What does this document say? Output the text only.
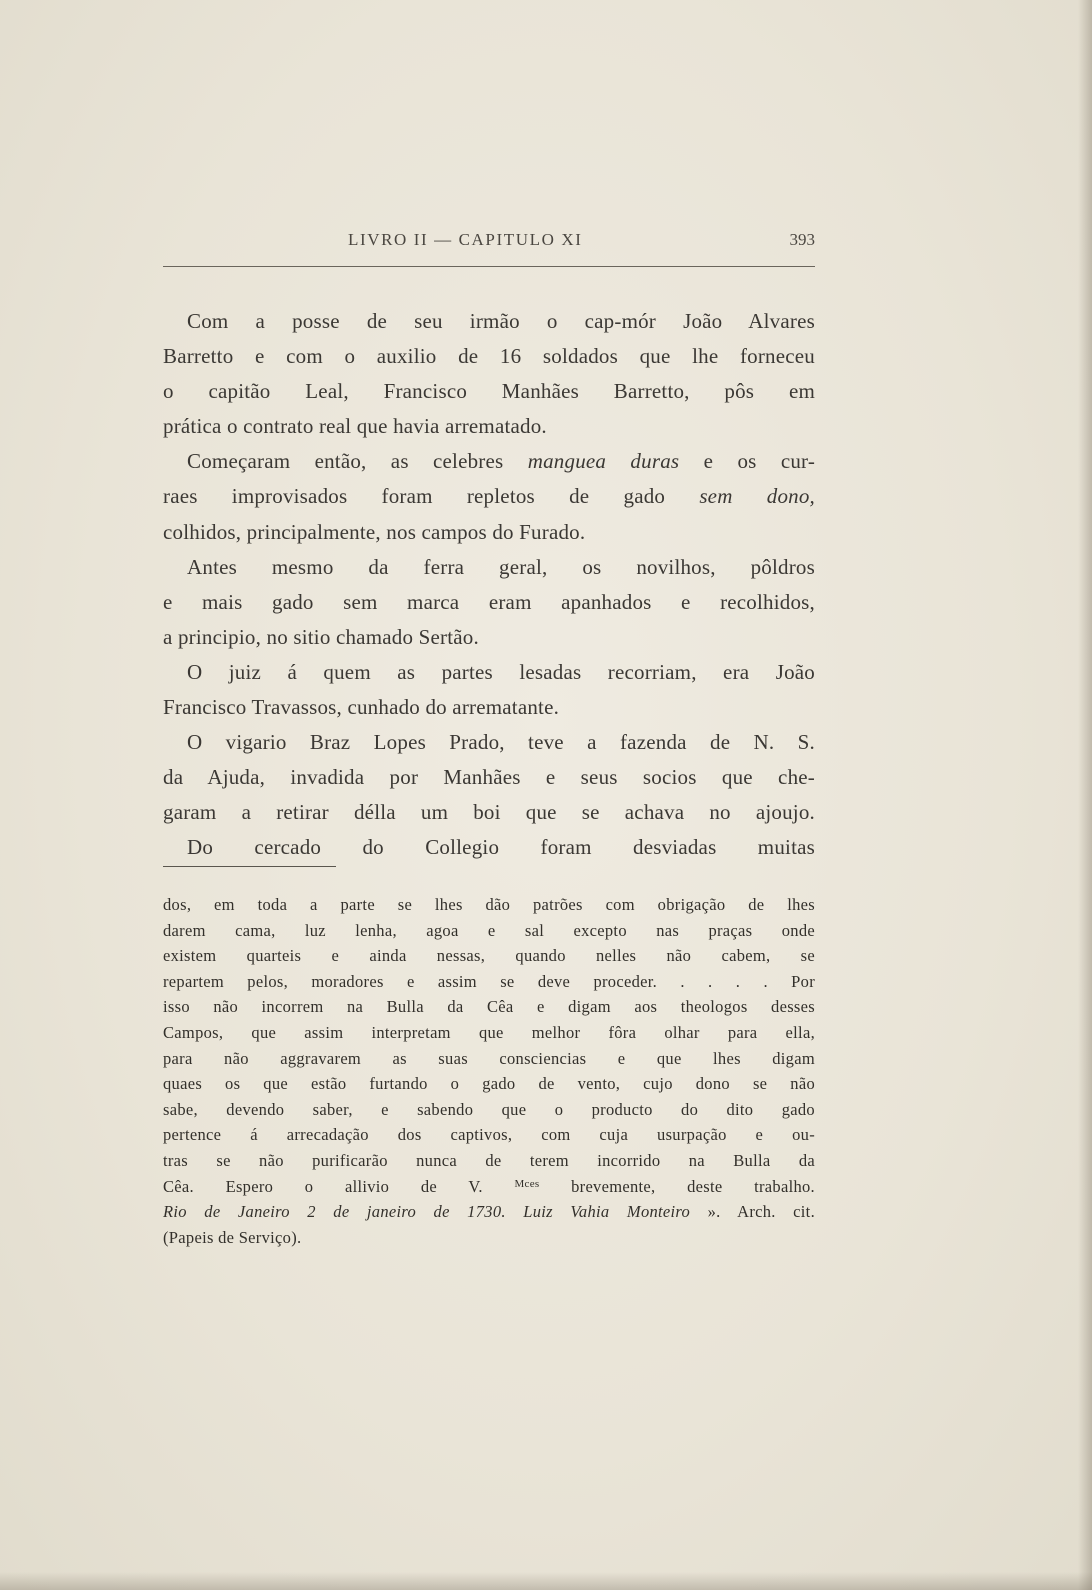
LIVRO II — CAPITULO XI	393
Com a posse de seu irmão o cap-mór João Alvares
Barretto e com o auxilio de 16 soldados que lhe forneceu
o capitão Leal, Francisco Manhães Barretto, pôs em
prática o contrato real que havia arrematado.
Começaram então, as celebres manguea duras e os cur-
raes improvisados foram repletos de gado sem dono,
colhidos, principalmente, nos campos do Furado.
Antes mesmo da ferra geral, os novilhos, pôldros
e mais gado sem marca eram apanhados e recolhidos,
a principio, no sitio chamado Sertão.
O juiz á quem as partes lesadas recorriam, era João
Francisco Travassos, cunhado do arrematante.
O vigario Braz Lopes Prado, teve a fazenda de N. S.
da Ajuda, invadida por Manhães e seus socios que che-
garam a retirar délla um boi que se achava no ajoujo.
Do cercado do Collegio foram desviadas muitas
dos, em toda a parte se lhes dão patrões com obrigação de lhes
darem cama, luz lenha, agoa e sal excepto nas praças onde
existem quarteis e ainda nessas, quando nelles não cabem, se
repartem pelos, moradores e assim se deve proceder. . . . . Por
isso não incorrem na Bulla da Cêa e digam aos theologos desses
Campos, que assim interpretam que melhor fôra olhar para ella,
para não aggravarem as suas consciencias e que lhes digam
quaes os que estão furtando o gado de vento, cujo dono se não
sabe, devendo saber, e sabendo que o producto do dito gado
pertence á arrecadação dos captivos, com cuja usurpação e ou-
tras se não purificarão nunca de terem incorrido na Bulla da
Cêa. Espero o allivio de V.	$^{Mces}$ brevemente, deste trabalho.
Rio de Janeiro 2 de janeiro de 1730. Luiz Vahia Monteiro ». Arch. cit.
(Papeis de Serviço).
